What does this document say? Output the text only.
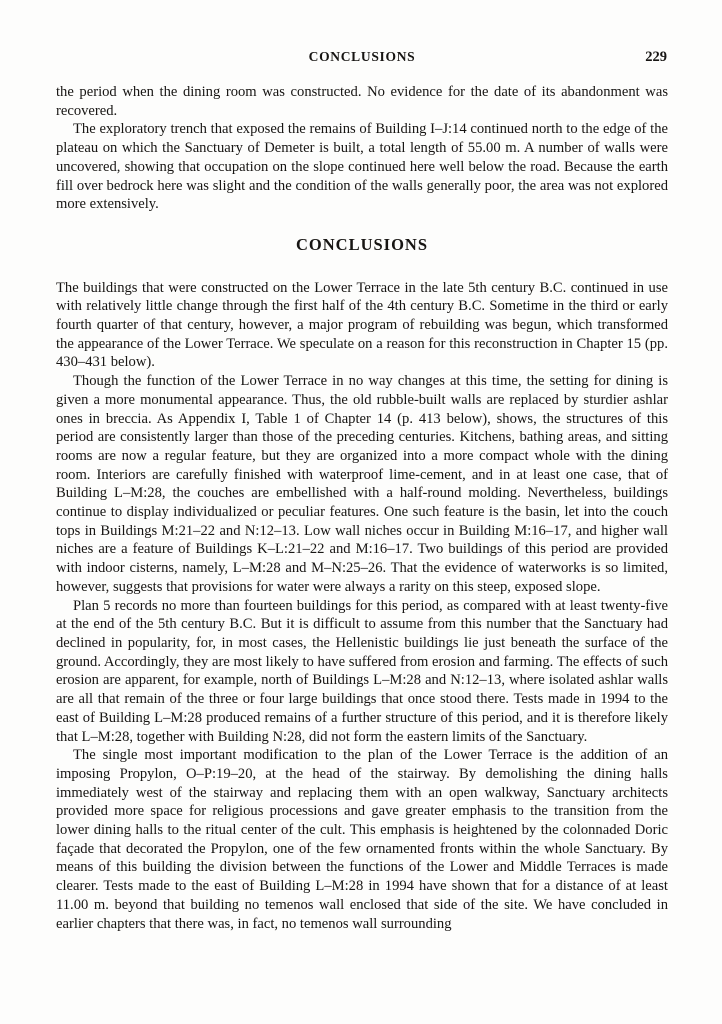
CONCLUSIONS	229

the period when the dining room was constructed. No evidence for the date of its abandonment was recovered.

The exploratory trench that exposed the remains of Building I–J:14 continued north to the edge of the plateau on which the Sanctuary of Demeter is built, a total length of 55.00 m. A number of walls were uncovered, showing that occupation on the slope continued here well below the road. Because the earth fill over bedrock here was slight and the condition of the walls generally poor, the area was not explored more extensively.

CONCLUSIONS

The buildings that were constructed on the Lower Terrace in the late 5th century B.C. continued in use with relatively little change through the first half of the 4th century B.C. Sometime in the third or early fourth quarter of that century, however, a major program of rebuilding was begun, which transformed the appearance of the Lower Terrace. We speculate on a reason for this reconstruction in Chapter 15 (pp. 430–431 below).

Though the function of the Lower Terrace in no way changes at this time, the setting for dining is given a more monumental appearance. Thus, the old rubble-built walls are replaced by sturdier ashlar ones in breccia. As Appendix I, Table 1 of Chapter 14 (p. 413 below), shows, the structures of this period are consistently larger than those of the preceding centuries. Kitchens, bathing areas, and sitting rooms are now a regular feature, but they are organized into a more compact whole with the dining room. Interiors are carefully finished with waterproof lime-cement, and in at least one case, that of Building L–M:28, the couches are embellished with a half-round molding. Nevertheless, buildings continue to display individualized or peculiar features. One such feature is the basin, let into the couch tops in Buildings M:21–22 and N:12–13. Low wall niches occur in Building M:16–17, and higher wall niches are a feature of Buildings K–L:21–22 and M:16–17. Two buildings of this period are provided with indoor cisterns, namely, L–M:28 and M–N:25–26. That the evidence of waterworks is so limited, however, suggests that provisions for water were always a rarity on this steep, exposed slope.

Plan 5 records no more than fourteen buildings for this period, as compared with at least twenty-five at the end of the 5th century B.C. But it is difficult to assume from this number that the Sanctuary had declined in popularity, for, in most cases, the Hellenistic buildings lie just beneath the surface of the ground. Accordingly, they are most likely to have suffered from erosion and farming. The effects of such erosion are apparent, for example, north of Buildings L–M:28 and N:12–13, where isolated ashlar walls are all that remain of the three or four large buildings that once stood there. Tests made in 1994 to the east of Building L–M:28 produced remains of a further structure of this period, and it is therefore likely that L–M:28, together with Building N:28, did not form the eastern limits of the Sanctuary.

The single most important modification to the plan of the Lower Terrace is the addition of an imposing Propylon, O–P:19–20, at the head of the stairway. By demolishing the dining halls immediately west of the stairway and replacing them with an open walkway, Sanctuary architects provided more space for religious processions and gave greater emphasis to the transition from the lower dining halls to the ritual center of the cult. This emphasis is heightened by the colonnaded Doric façade that decorated the Propylon, one of the few ornamented fronts within the whole Sanctuary. By means of this building the division between the functions of the Lower and Middle Terraces is made clearer. Tests made to the east of Building L–M:28 in 1994 have shown that for a distance of at least 11.00 m. beyond that building no temenos wall enclosed that side of the site. We have concluded in earlier chapters that there was, in fact, no temenos wall surrounding
